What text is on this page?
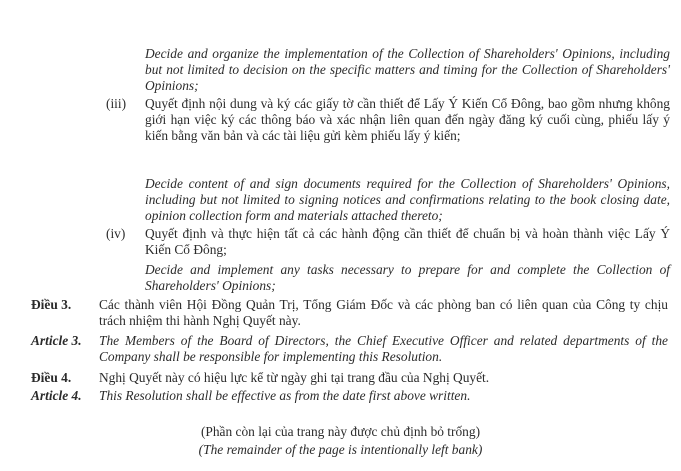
Decide and organize the implementation of the Collection of Shareholders' Opinions, including but not limited to decision on the specific matters and timing for the Collection of Shareholders' Opinions;
(iii)	Quyết định nội dung và ký các giấy tờ cần thiết để Lấy Ý Kiến Cổ Đông, bao gồm nhưng không giới hạn việc ký các thông báo và xác nhận liên quan đến ngày đăng ký cuối cùng, phiếu lấy ý kiến bằng văn bản và các tài liệu gửi kèm phiếu lấy ý kiến;
Decide content of and sign documents required for the Collection of Shareholders' Opinions, including but not limited to signing notices and confirmations relating to the book closing date, opinion collection form and materials attached thereto;
(iv)	Quyết định và thực hiện tất cả các hành động cần thiết để chuẩn bị và hoàn thành việc Lấy Ý Kiến Cổ Đông;
Decide and implement any tasks necessary to prepare for and complete the Collection of Shareholders' Opinions;
Điều 3.	Các thành viên Hội Đồng Quản Trị, Tổng Giám Đốc và các phòng ban có liên quan của Công ty chịu trách nhiệm thi hành Nghị Quyết này.
Article 3.	The Members of the Board of Directors, the Chief Executive Officer and related departments of the Company shall be responsible for implementing this Resolution.
Điều 4.	Nghị Quyết này có hiệu lực kể từ ngày ghi tại trang đầu của Nghị Quyết.
Article 4.	This Resolution shall be effective as from the date first above written.
(Phần còn lại của trang này được chủ định bỏ trống)
(The remainder of the page is intentionally left bank)
